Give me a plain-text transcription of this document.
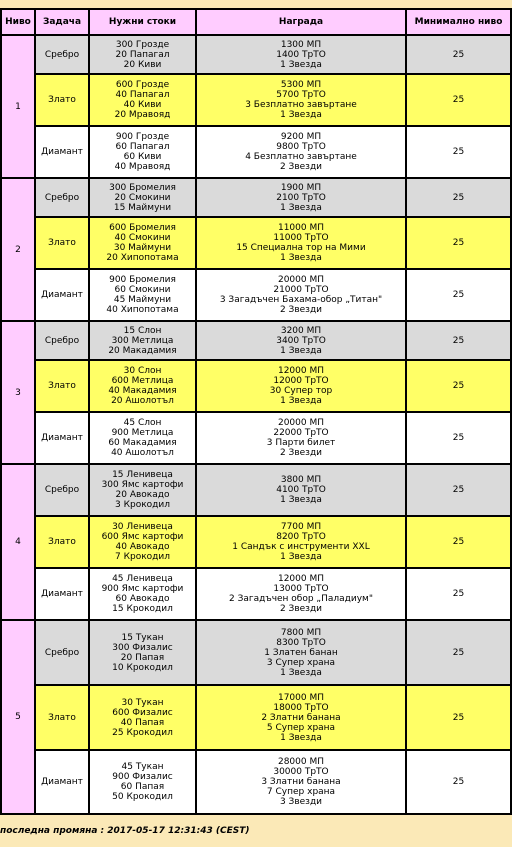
Ниво	Задача	Нужни стоки	Награда	Минимално ниво
1	Сребро	300 Гроздe
20 Папагал
20 Киви	1300 МП
1400 ТрТО
1 Звезда	25
	Злато	600 Гроздe
40 Папагал
40 Киви
20 Мравояд	5300 МП
5700 ТрТО
3 Безплатно завъртане
1 Звезда	25
	Диамант	900 Гроздe
60 Папагал
60 Киви
40 Мравояд	9200 МП
9800 ТрТО
4 Безплатно завъртане
2 Звезди	25
2	Сребро	300 Бромелия
20 Смокини
15 Маймуни	1900 МП
2100 ТрТО
1 Звезда	25
	Злато	600 Бромелия
40 Смокини
30 Маймуни
20 Хипопотама	11000 МП
11000 ТрТО
15 Специална тор на Мими
1 Звезда	25
	Диамант	900 Бромелия
60 Смокини
45 Маймуни
40 Хипопотама	20000 МП
21000 ТрТО
3 Загадъчен Бахама-обор „Титан"
2 Звезди	25
3	Сребро	15 Слон
300 Метлица
20 Макадамия	3200 МП
3400 ТрТО
1 Звезда	25
	Злато	30 Слон
600 Метлица
40 Макадамия
20 Ашолотъл	12000 МП
12000 ТрТО
30 Супер тор
1 Звезда	25
	Диамант	45 Слон
900 Метлица
60 Макадамия
40 Ашолотъл	20000 МП
22000 ТрТО
3 Парти билет
2 Звезди	25
4	Сребро	15 Ленивеца
300 Ямс картофи
20 Авокадо
3 Крокодил	3800 МП
4100 ТрТО
1 Звезда	25
	Злато	30 Ленивеца
600 Ямс картофи
40 Авокадо
7 Крокодил	7700 МП
8200 ТрТО
1 Сандък с инструменти XXL
1 Звезда	25
	Диамант	45 Ленивеца
900 Ямс картофи
60 Авокадо
15 Крокодил	12000 МП
13000 ТрТО
2 Загадъчен обор „Паладиум"
2 Звезди	25
5	Сребро	15 Тукан
300 Физалис
20 Папая
10 Крокодил	7800 МП
8300 ТрТО
1 Златен банан
3 Супер храна
1 Звезда	25
	Злато	30 Тукан
600 Физалис
40 Папая
25 Крокодил	17000 МП
18000 ТрТО
2 Златни банана
5 Супер храна
1 Звезда	25
	Диамант	45 Тукан
900 Физалис
60 Папая
50 Крокодил	28000 МП
30000 ТрТО
3 Златни банана
7 Супер храна
3 Звезди	25
последна промяна : 2017-05-17 12:31:43 (CEST)
